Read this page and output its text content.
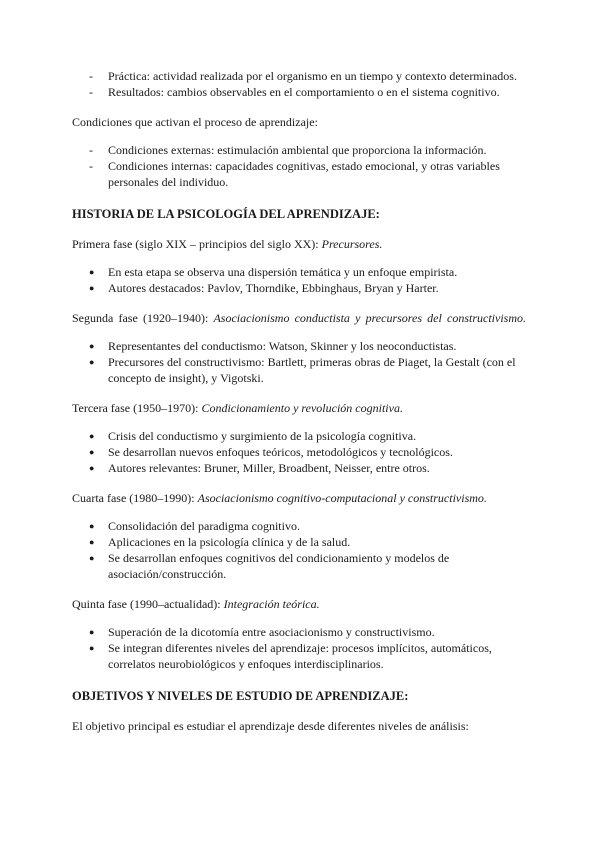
- Práctica: actividad realizada por el organismo en un tiempo y contexto determinados.
- Resultados: cambios observables en el comportamiento o en el sistema cognitivo.

Condiciones que activan el proceso de aprendizaje:

- Condiciones externas: estimulación ambiental que proporciona la información.
- Condiciones internas: capacidades cognitivas, estado emocional, y otras variables personales del individuo.

HISTORIA DE LA PSICOLOGÍA DEL APRENDIZAJE:

Primera fase (siglo XIX – principios del siglo XX): Precursores.

● En esta etapa se observa una dispersión temática y un enfoque empirista.
● Autores destacados: Pavlov, Thorndike, Ebbinghaus, Bryan y Harter.

Segunda fase (1920–1940): Asociacionismo conductista y precursores del constructivismo.

● Representantes del conductismo: Watson, Skinner y los neoconductistas.
● Precursores del constructivismo: Bartlett, primeras obras de Piaget, la Gestalt (con el concepto de insight), y Vigotski.

Tercera fase (1950–1970): Condicionamiento y revolución cognitiva.

● Crisis del conductismo y surgimiento de la psicología cognitiva.
● Se desarrollan nuevos enfoques teóricos, metodológicos y tecnológicos.
● Autores relevantes: Bruner, Miller, Broadbent, Neisser, entre otros.

Cuarta fase (1980–1990): Asociacionismo cognitivo-computacional y constructivismo.

● Consolidación del paradigma cognitivo.
● Aplicaciones en la psicología clínica y de la salud.
● Se desarrollan enfoques cognitivos del condicionamiento y modelos de asociación/construcción.

Quinta fase (1990–actualidad): Integración teórica.

● Superación de la dicotomía entre asociacionismo y constructivismo.
● Se integran diferentes niveles del aprendizaje: procesos implícitos, automáticos, correlatos neurobiológicos y enfoques interdisciplinarios.

OBJETIVOS Y NIVELES DE ESTUDIO DE APRENDIZAJE:

El objetivo principal es estudiar el aprendizaje desde diferentes niveles de análisis:
